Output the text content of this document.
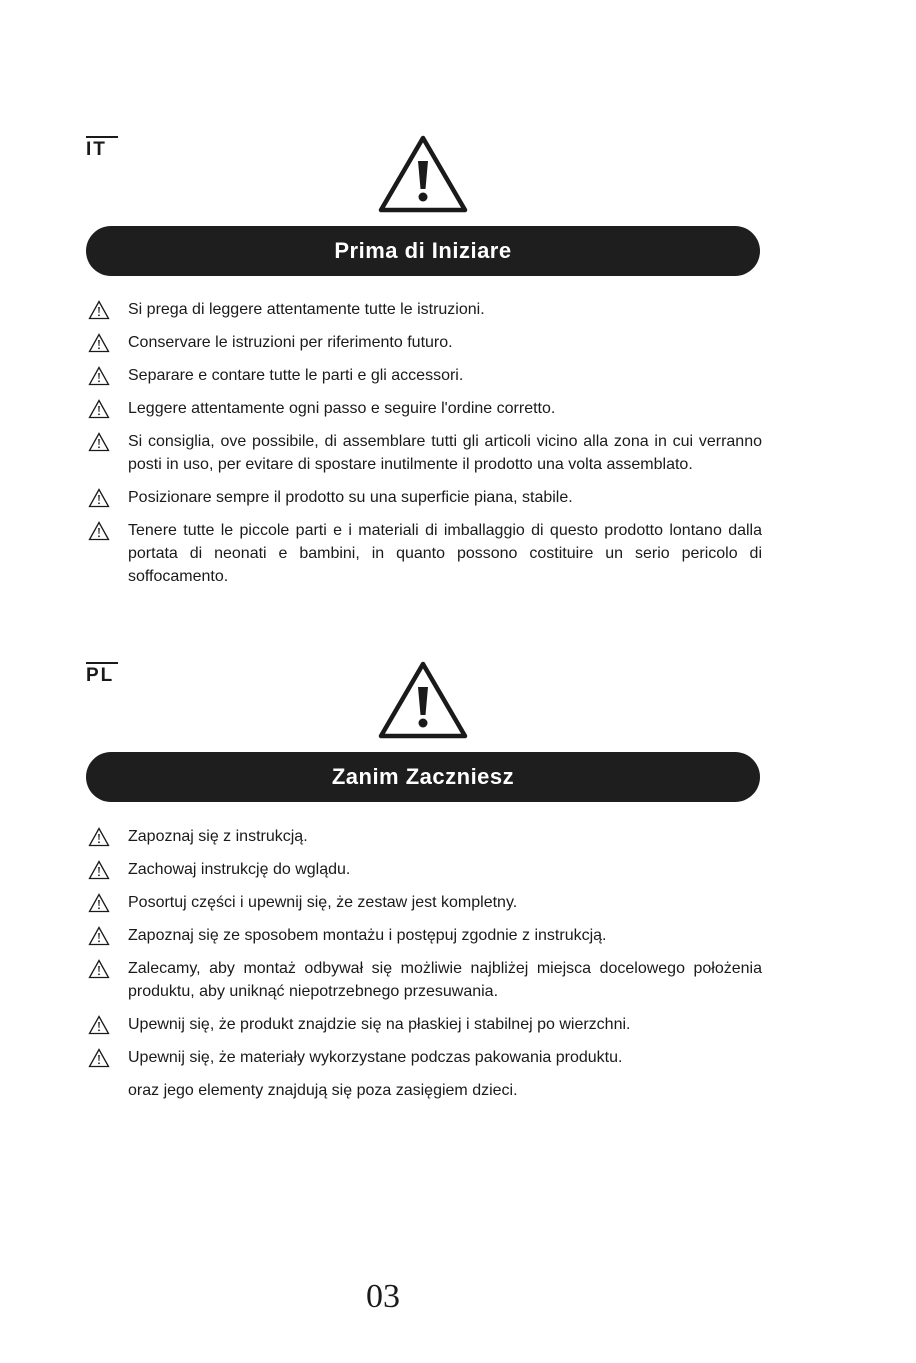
IT
Prima di Iniziare
Si prega di leggere attentamente tutte le istruzioni.
Conservare le istruzioni per riferimento futuro.
Separare e contare tutte le parti e gli accessori.
Leggere attentamente ogni passo e seguire l'ordine corretto.
Si consiglia, ove possibile, di assemblare tutti gli articoli vicino alla zona in cui verranno posti in uso, per evitare di spostare inutilmente il prodotto una volta assemblato.
Posizionare sempre il prodotto su una superficie piana, stabile.
Tenere tutte le piccole parti e i materiali di imballaggio di questo prodotto lontano dalla portata di neonati e bambini, in quanto possono costituire un serio pericolo di soffocamento.
PL
Zanim Zaczniesz
Zapoznaj się z instrukcją.
Zachowaj instrukcję do wglądu.
Posortuj części i upewnij się, że zestaw jest kompletny.
Zapoznaj się ze sposobem montażu i postępuj zgodnie z instrukcją.
Zalecamy, aby montaż odbywał się możliwie najbliżej miejsca docelowego położenia produktu, aby uniknąć niepotrzebnego przesuwania.
Upewnij się, że produkt znajdzie się na płaskiej i stabilnej po wierzchni.
Upewnij się, że materiały wykorzystane podczas pakowania produktu.
oraz jego elementy znajdują się poza zasięgiem dzieci.
03
